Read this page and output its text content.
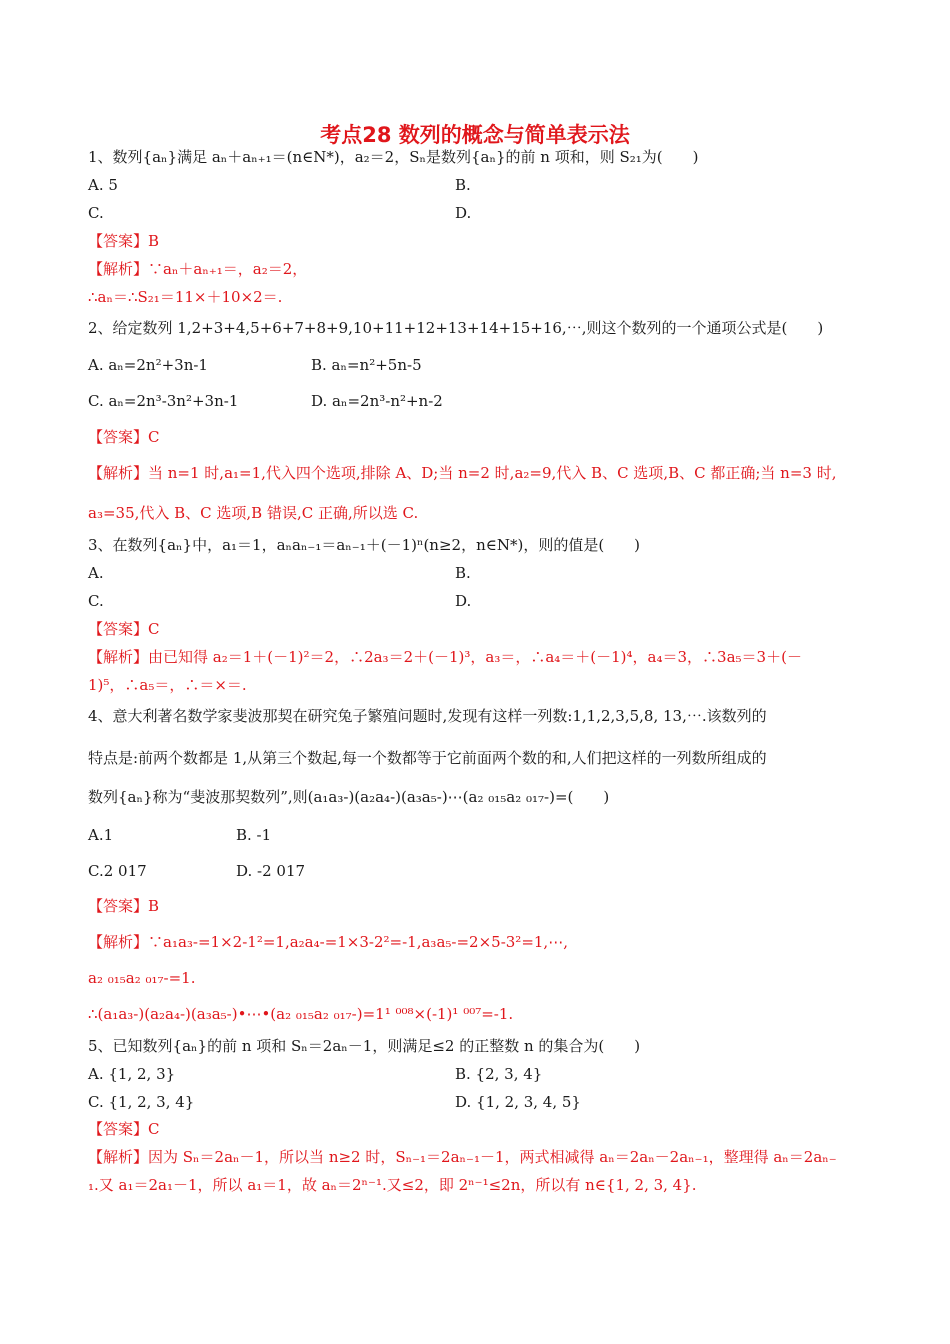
考点28 数列的概念与简单表示法
1、数列{aₙ}满足 aₙ＋aₙ₊₁＝(n∈N*)，a₂＝2，Sₙ是数列{aₙ}的前 n 项和，则 S₂₁为(　　)
A. 5	B.
C.	D.
【答案】B
【解析】∵aₙ＋aₙ₊₁＝，a₂＝2，
∴aₙ＝∴S₂₁＝11×＋10×2＝.
2、给定数列 1,2+3+4,5+6+7+8+9,10+11+12+13+14+15+16,⋯,则这个数列的一个通项公式是(　　)
A. aₙ=2n²+3n-1	B. aₙ=n²+5n-5
C. aₙ=2n³-3n²+3n-1	D. aₙ=2n³-n²+n-2
【答案】C
【解析】当 n=1 时,a₁=1,代入四个选项,排除 A、D;当 n=2 时,a₂=9,代入 B、C 选项,B、C 都正确;当 n=3 时,
a₃=35,代入 B、C 选项,B 错误,C 正确,所以选 C.
3、在数列{aₙ}中，a₁＝1，aₙaₙ₋₁＝aₙ₋₁＋(－1)ⁿ(n≥2，n∈N*)，则的值是(　　)
A.	B.
C.	D.
【答案】C
【解析】由已知得 a₂＝1＋(－1)²＝2，∴2a₃＝2＋(－1)³，a₃＝，∴a₄＝＋(－1)⁴，a₄＝3，∴3a₅＝3＋(－
1)⁵，∴a₅＝，∴＝×＝.
4、意大利著名数学家斐波那契在研究兔子繁殖问题时,发现有这样一列数:1,1,2,3,5,8, 13,⋯.该数列的
特点是:前两个数都是 1,从第三个数起,每一个数都等于它前面两个数的和,人们把这样的一列数所组成的
数列{aₙ}称为“斐波那契数列”,则(a₁a₃-)(a₂a₄-)(a₃a₅-)⋯(a₂ ₀₁₅a₂ ₀₁₇-)=(　　)
A.1	B. -1
C.2 017	D. -2 017
【答案】B
【解析】∵a₁a₃-=1×2-1²=1,a₂a₄-=1×3-2²=-1,a₃a₅-=2×5-3²=1,⋯,
a₂ ₀₁₅a₂ ₀₁₇-=1.
∴(a₁a₃-)(a₂a₄-)(a₃a₅-)•⋯•(a₂ ₀₁₅a₂ ₀₁₇-)=1¹ ⁰⁰⁸×(-1)¹ ⁰⁰⁷=-1.
5、已知数列{aₙ}的前 n 项和 Sₙ＝2aₙ－1，则满足≤2 的正整数 n 的集合为(　　)
A. {1, 2, 3}	B. {2, 3, 4}
C. {1, 2, 3, 4}	D. {1, 2, 3, 4, 5}
【答案】C
【解析】因为 Sₙ＝2aₙ－1，所以当 n≥2 时，Sₙ₋₁＝2aₙ₋₁－1，两式相减得 aₙ＝2aₙ－2aₙ₋₁，整理得 aₙ＝2aₙ₋
₁.又 a₁＝2a₁－1，所以 a₁＝1，故 aₙ＝2ⁿ⁻¹.又≤2，即 2ⁿ⁻¹≤2n，所以有 n∈{1, 2, 3, 4}.
